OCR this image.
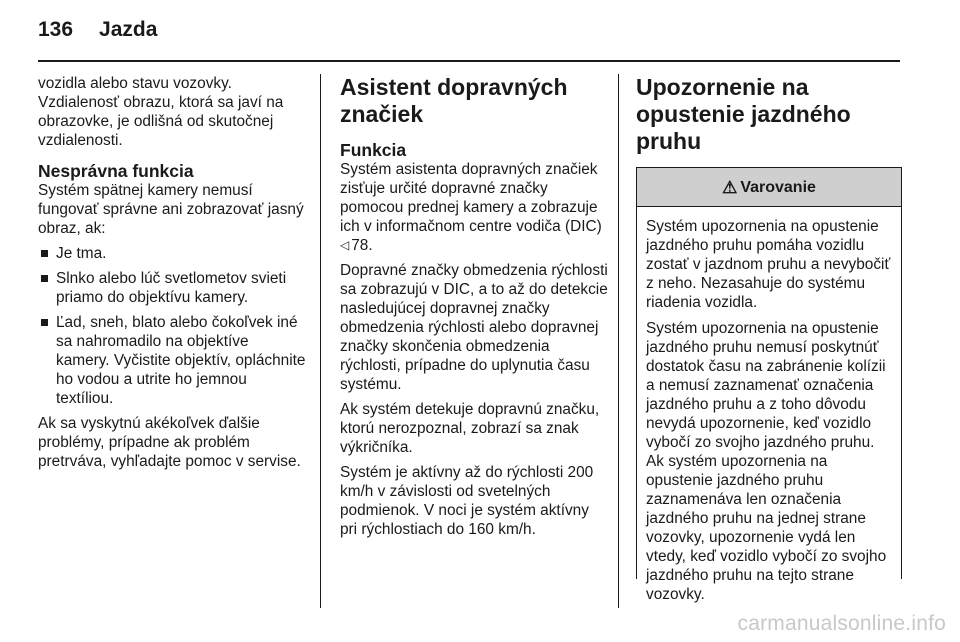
136 Jazda

vozidla alebo stavu vozovky. Vzdialenosť obrazu, ktorá sa javí na obrazovke, je odlišná od skutočnej vzdialenosti.

Nesprávna funkcia

Systém spätnej kamery nemusí fungovať správne ani zobrazovať jasný obraz, ak:

Je tma.
Slnko alebo lúč svetlometov svieti priamo do objektívu kamery.
Ľad, sneh, blato alebo čokoľvek iné sa nahromadilo na objektíve kamery. Vyčistite objektív, opláchnite ho vodou a utrite ho jemnou textíliou.

Ak sa vyskytnú akékoľvek ďalšie problémy, prípadne ak problém pretrváva, vyhľadajte pomoc v servise.

Asistent dopravných značiek
Funkcia

Systém asistenta dopravných značiek zisťuje určité dopravné značky pomocou prednej kamery a zobrazuje ich v informačnom centre vodiča (DIC) ◁ 78.

Dopravné značky obmedzenia rýchlosti sa zobrazujú v DIC, a to až do detekcie nasledujúcej dopravnej značky obmedzenia rýchlosti alebo dopravnej značky skončenia obmedzenia rýchlosti, prípadne do uplynutia času systému.

Ak systém detekuje dopravnú značku, ktorú nerozpoznal, zobrazí sa znak výkričníka.

Systém je aktívny až do rýchlosti 200 km/h v závislosti od svetelných podmienok. V noci je systém aktívny pri rýchlostiach do 160 km/h.

Upozornenie na opustenie jazdného pruhu
⚠ Varovanie

Systém upozornenia na opustenie jazdného pruhu pomáha vozidlu zostať v jazdnom pruhu a nevybočiť z neho. Nezasahuje do systému riadenia vozidla.

Systém upozornenia na opustenie jazdného pruhu nemusí poskytnúť dostatok času na zabránenie kolízii a nemusí zaznamenať označenia jazdného pruhu a z toho dôvodu nevydá upozornenie, keď vozidlo vybočí zo svojho jazdného pruhu. Ak systém upozornenia na opustenie jazdného pruhu zaznamenáva len označenia jazdného pruhu na jednej strane vozovky, upozornenie vydá len vtedy, keď vozidlo vybočí zo svojho jazdného pruhu na tejto strane vozovky.

carmanualsonline.info
